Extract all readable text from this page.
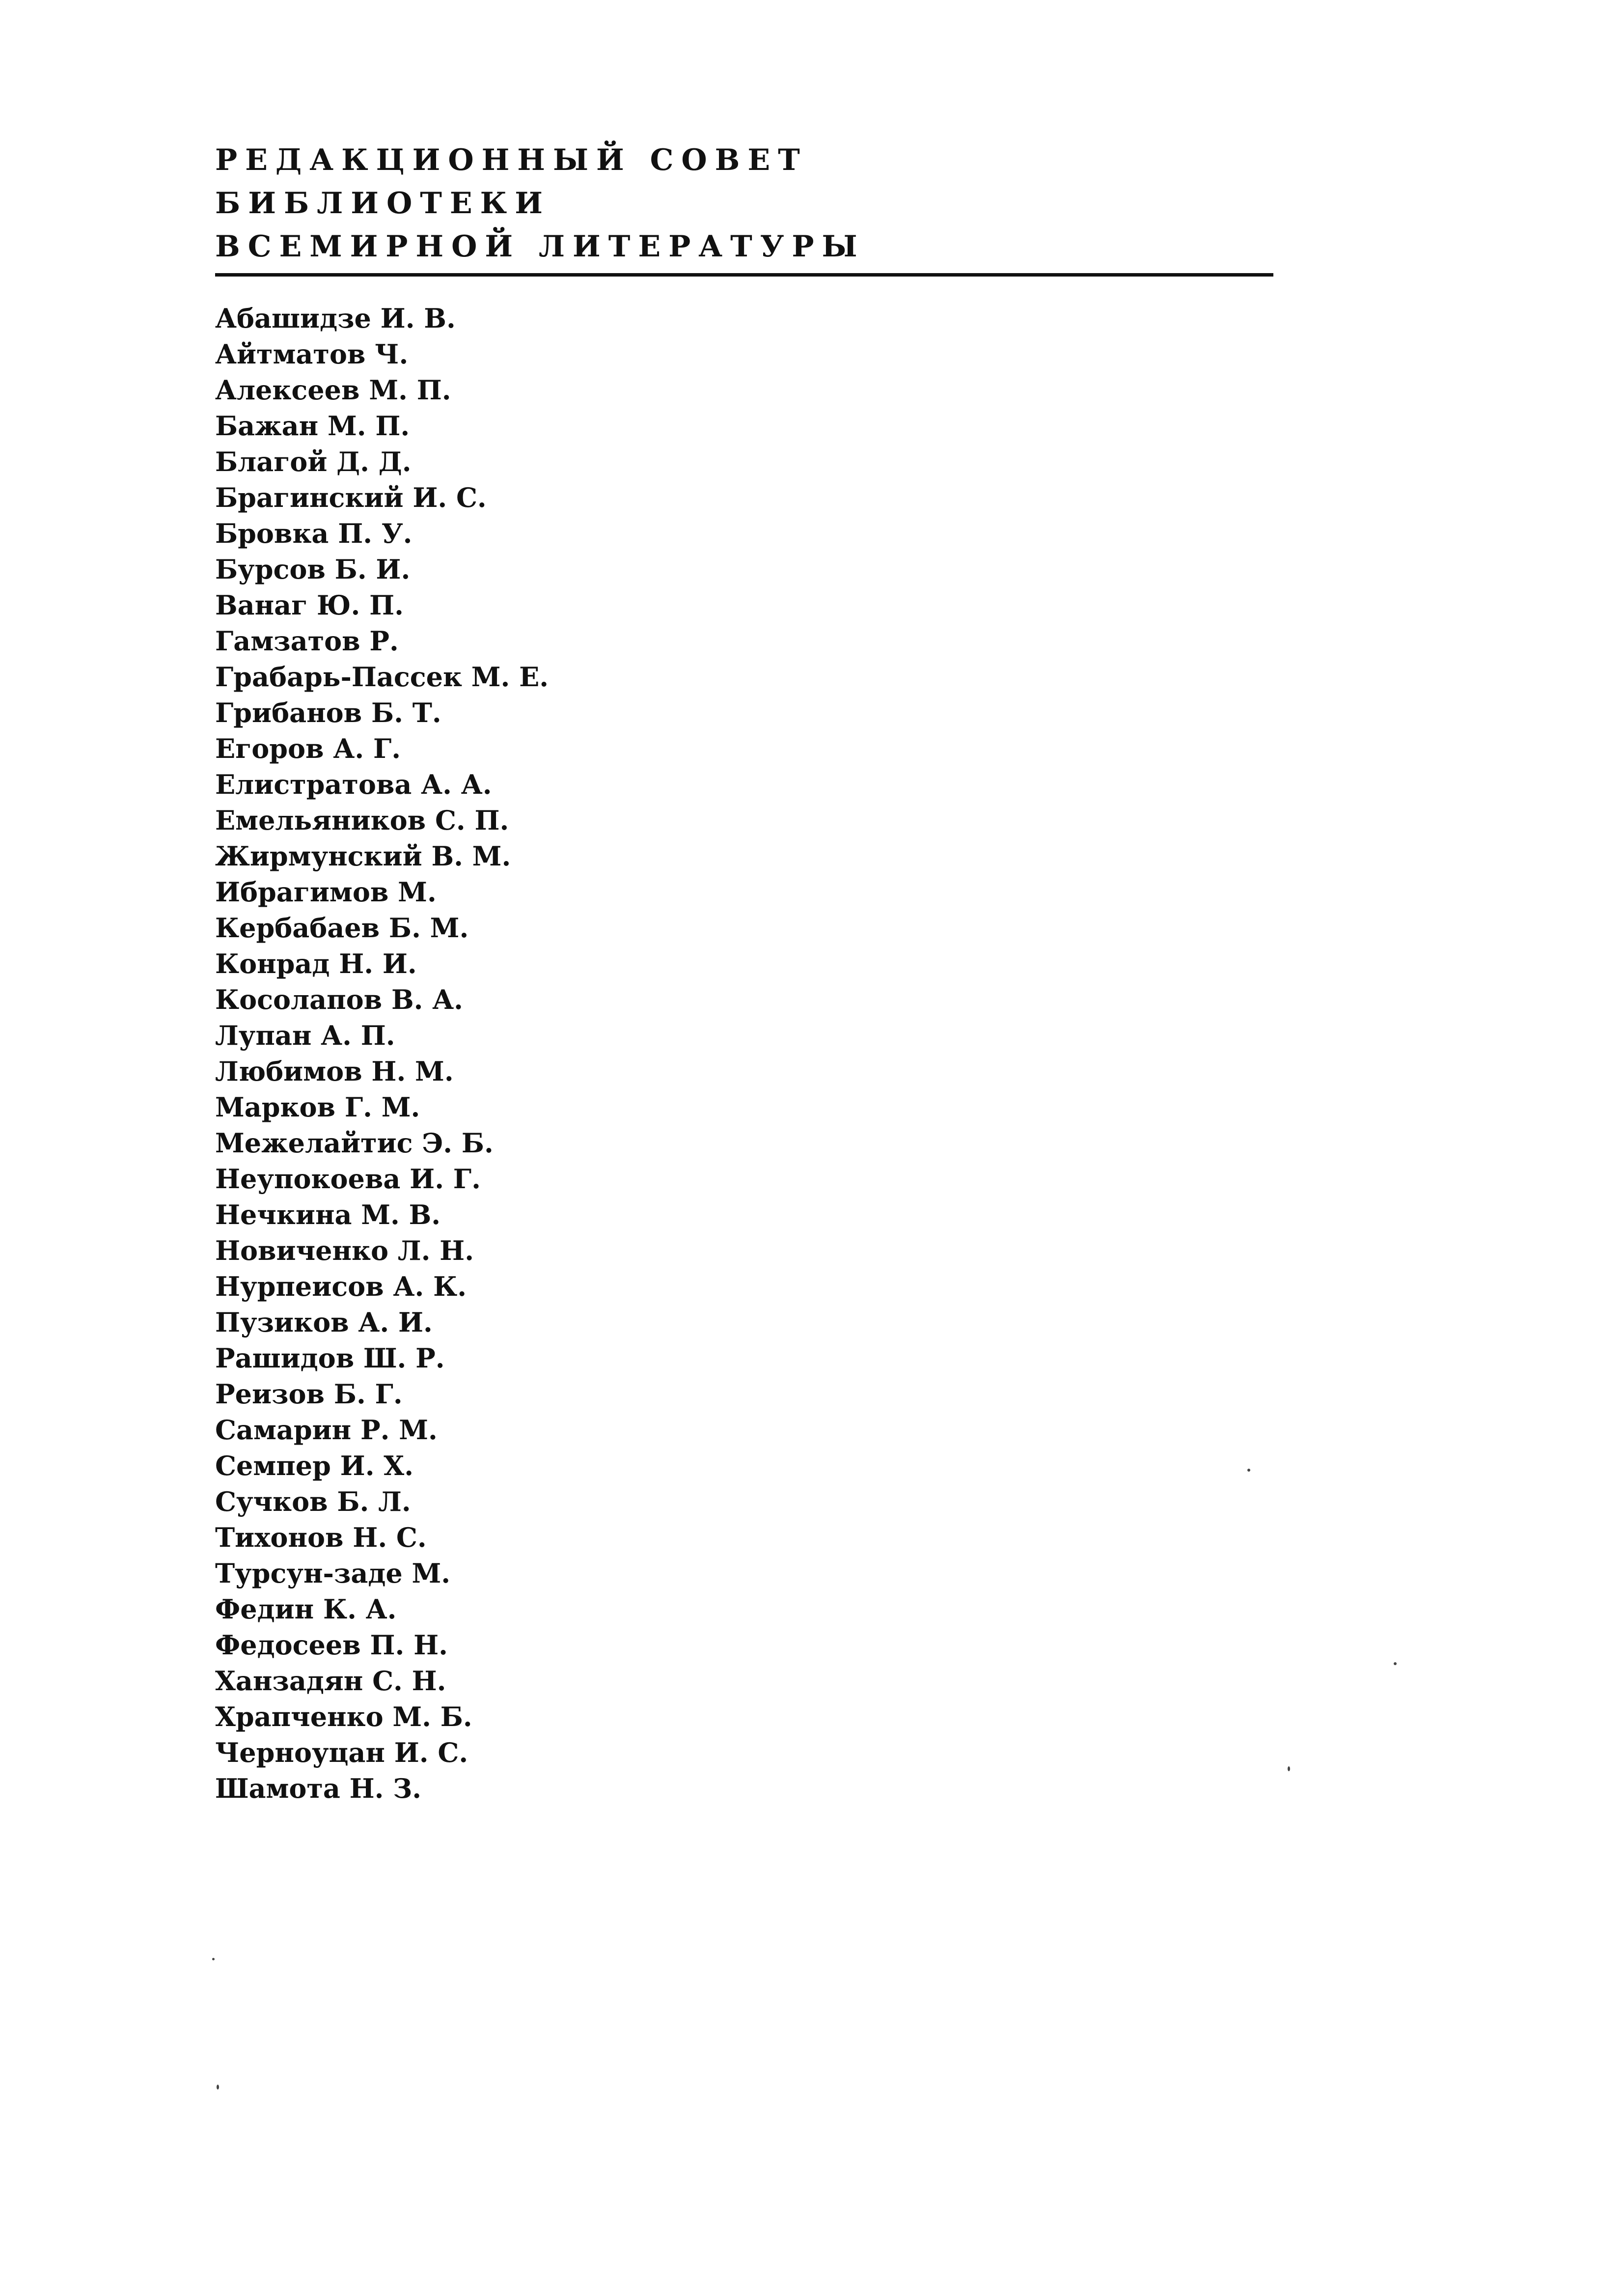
РЕДАКЦИОННЫЙ СОВЕТ
БИБЛИОТЕКИ
ВСЕМИРНОЙ ЛИТЕРАТУРЫ
Абашидзе И. В.
Айтматов Ч.
Алексеев М. П.
Бажан М. П.
Благой Д. Д.
Брагинский И. С.
Бровка П. У.
Бурсов Б. И.
Ванаг Ю. П.
Гамзатов Р.
Грабарь-Пассек М. Е.
Грибанов Б. Т.
Егоров А. Г.
Елистратова А. А.
Емельяников С. П.
Жирмунский В. М.
Ибрагимов М.
Кербабаев Б. М.
Конрад Н. И.
Косолапов В. А.
Лупан А. П.
Любимов Н. М.
Марков Г. М.
Межелайтис Э. Б.
Неупокоева И. Г.
Нечкина М. В.
Новиченко Л. Н.
Нурпеисов А. К.
Пузиков А. И.
Рашидов Ш. Р.
Реизов Б. Г.
Самарин Р. М.
Семпер И. Х.
Сучков Б. Л.
Тихонов Н. С.
Турсун-заде М.
Федин К. А.
Федосеев П. Н.
Ханзадян С. Н.
Храпченко М. Б.
Черноуцан И. С.
Шамота Н. З.
